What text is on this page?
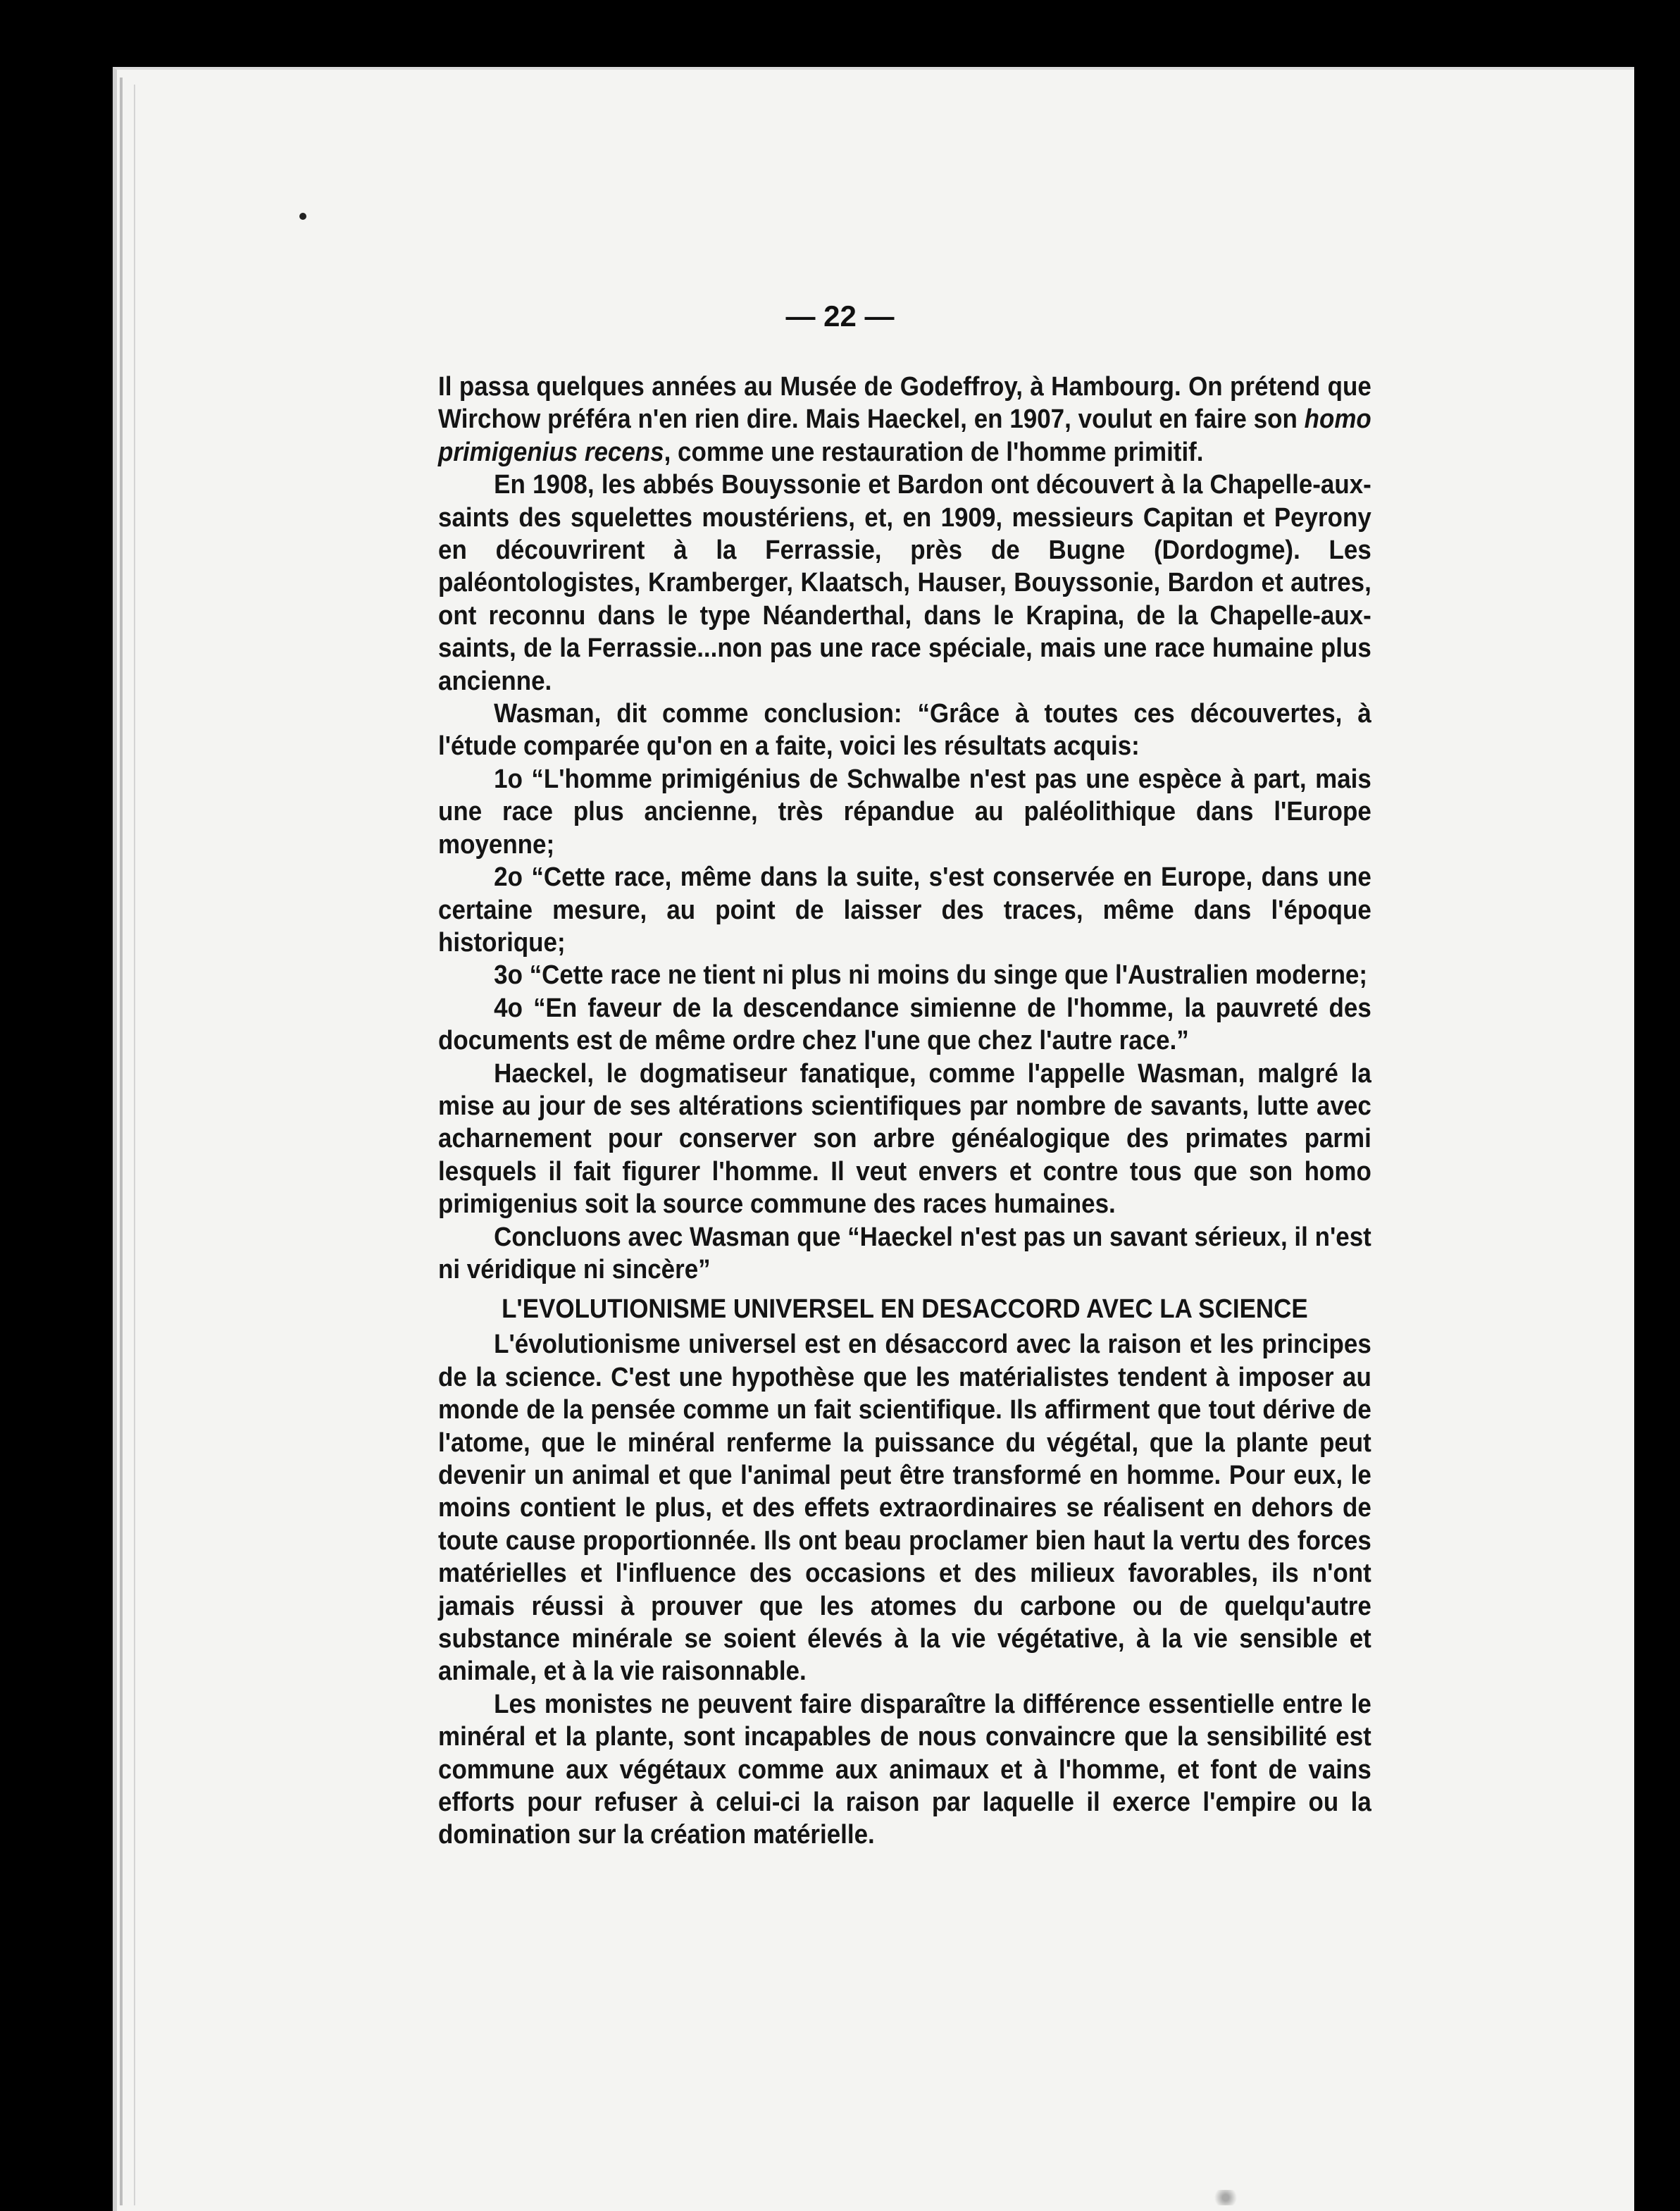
— 22 —

Il passa quelques années au Musée de Godeffroy, à Hambourg. On prétend que Wirchow préféra n'en rien dire. Mais Haeckel, en 1907, voulut en faire son homo primigenius recens, comme une restauration de l'homme primitif.

En 1908, les abbés Bouyssonie et Bardon ont découvert à la Chapelle-aux-saints des squelettes moustériens, et, en 1909, messieurs Capitan et Peyrony en découvrirent à la Ferrassie, près de Bugne (Dordogme). Les paléontologistes, Kramberger, Klaatsch, Hauser, Bouyssonie, Bardon et autres, ont reconnu dans le type Néanderthal, dans le Krapina, de la Chapelle-aux-saints, de la Ferrassie...non pas une race spéciale, mais une race humaine plus ancienne.

Wasman, dit comme conclusion: “Grâce à toutes ces découvertes, à l'étude comparée qu'on en a faite, voici les résultats acquis:

1o “L'homme primigénius de Schwalbe n'est pas une espèce à part, mais une race plus ancienne, très répandue au paléolithique dans l'Europe moyenne;

2o “Cette race, même dans la suite, s'est conservée en Europe, dans une certaine mesure, au point de laisser des traces, même dans l'époque historique;

3o “Cette race ne tient ni plus ni moins du singe que l'Australien moderne;

4o “En faveur de la descendance simienne de l'homme, la pauvreté des documents est de même ordre chez l'une que chez l'autre race.”

Haeckel, le dogmatiseur fanatique, comme l'appelle Wasman, malgré la mise au jour de ses altérations scientifiques par nombre de savants, lutte avec acharnement pour conserver son arbre généalogique des primates parmi lesquels il fait figurer l'homme. Il veut envers et contre tous que son homo primigenius soit la source commune des races humaines.

Concluons avec Wasman que “Haeckel n'est pas un savant sérieux, il n'est ni véridique ni sincère”

L'EVOLUTIONISME UNIVERSEL EN DESACCORD AVEC LA SCIENCE

L'évolutionisme universel est en désaccord avec la raison et les principes de la science. C'est une hypothèse que les matérialistes tendent à imposer au monde de la pensée comme un fait scientifique. Ils affirment que tout dérive de l'atome, que le minéral renferme la puissance du végétal, que la plante peut devenir un animal et que l'animal peut être transformé en homme. Pour eux, le moins contient le plus, et des effets extraordinaires se réalisent en dehors de toute cause proportionnée. Ils ont beau proclamer bien haut la vertu des forces matérielles et l'influence des occasions et des milieux favorables, ils n'ont jamais réussi à prouver que les atomes du carbone ou de quelqu'autre substance minérale se soient élevés à la vie végétative, à la vie sensible et animale, et à la vie raisonnable.

Les monistes ne peuvent faire disparaître la différence essentielle entre le minéral et la plante, sont incapables de nous convaincre que la sensibilité est commune aux végétaux comme aux animaux et à l'homme, et font de vains efforts pour refuser à celui-ci la raison par laquelle il exerce l'empire ou la domination sur la création matérielle.
